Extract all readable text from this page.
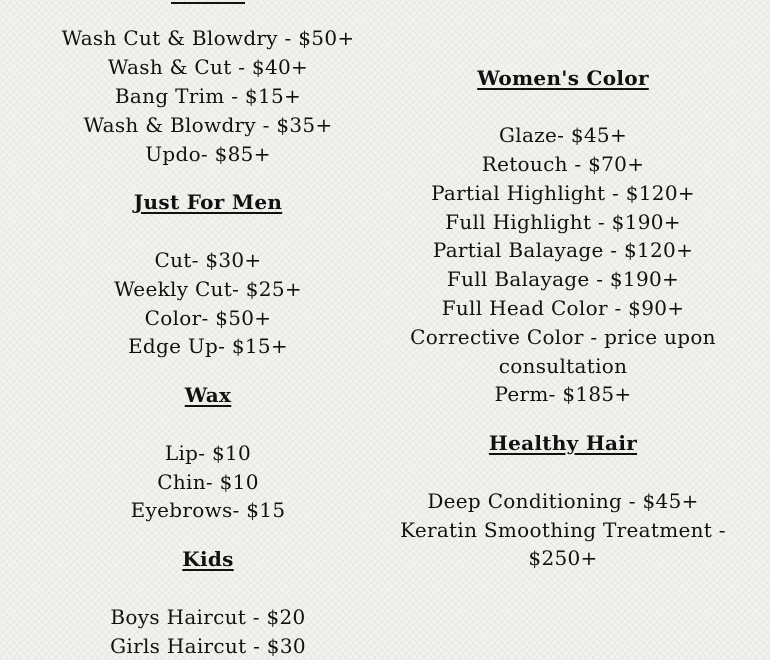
Wash Cut & Blowdry - $50+
Wash & Cut - $40+
Bang Trim - $15+
Wash & Blowdry - $35+
Updo- $85+
Just For Men
Cut- $30+
Weekly Cut- $25+
Color- $50+
Edge Up- $15+
Wax
Lip- $10
Chin- $10
Eyebrows- $15
Kids
Boys Haircut - $20
Girls Haircut - $30
Women's Color
Glaze- $45+
Retouch - $70+
Partial Highlight - $120+
Full Highlight - $190+
Partial Balayage - $120+
Full Balayage - $190+
Full Head Color - $90+
Corrective Color - price upon
consultation
Perm- $185+
Healthy Hair
Deep Conditioning - $45+
Keratin Smoothing Treatment -
$250+
